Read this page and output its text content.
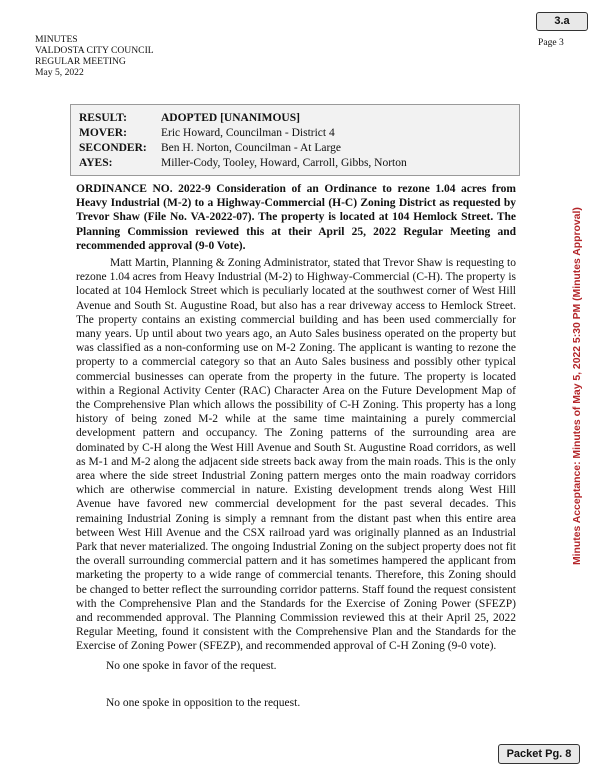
3.a
MINUTES
VALDOSTA CITY COUNCIL
REGULAR MEETING
May 5, 2022
Page 3
RESULT:	ADOPTED [UNANIMOUS]
MOVER:	Eric Howard, Councilman - District 4
SECONDER: Ben H. Norton, Councilman - At Large
AYES:	Miller-Cody, Tooley, Howard, Carroll, Gibbs, Norton
ORDINANCE NO. 2022-9 Consideration of an Ordinance to rezone 1.04 acres from Heavy Industrial (M-2) to a Highway-Commercial (H-C) Zoning District as requested by Trevor Shaw (File No. VA-2022-07). The property is located at 104 Hemlock Street. The Planning Commission reviewed this at their April 25, 2022 Regular Meeting and recommended approval (9-0 Vote).
Matt Martin, Planning & Zoning Administrator, stated that Trevor Shaw is requesting to rezone 1.04 acres from Heavy Industrial (M-2) to Highway-Commercial (C-H). The property is located at 104 Hemlock Street which is peculiarly located at the southwest corner of West Hill Avenue and South St. Augustine Road, but also has a rear driveway access to Hemlock Street. The property contains an existing commercial building and has been used commercially for many years. Up until about two years ago, an Auto Sales business operated on the property but was classified as a non-conforming use on M-2 Zoning. The applicant is wanting to rezone the property to a commercial category so that an Auto Sales business and possibly other typical commercial businesses can operate from the property in the future. The property is located within a Regional Activity Center (RAC) Character Area on the Future Development Map of the Comprehensive Plan which allows the possibility of C-H Zoning. This property has a long history of being zoned M-2 while at the same time maintaining a purely commercial development pattern and occupancy. The Zoning patterns of the surrounding area are dominated by C-H along the West Hill Avenue and South St. Augustine Road corridors, as well as M-1 and M-2 along the adjacent side streets back away from the main roads. This is the only area where the side street Industrial Zoning pattern merges onto the main roadway corridors which are otherwise commercial in nature. Existing development trends along West Hill Avenue have favored new commercial development for the past several decades. This remaining Industrial Zoning is simply a remnant from the distant past when this entire area between West Hill Avenue and the CSX railroad yard was originally planned as an Industrial Park that never materialized. The ongoing Industrial Zoning on the subject property does not fit the overall surrounding commercial pattern and it has sometimes hampered the applicant from marketing the property to a wide range of commercial tenants. Therefore, this Zoning should be changed to better reflect the surrounding corridor patterns. Staff found the request consistent with the Comprehensive Plan and the Standards for the Exercise of Zoning Power (SFEZP) and recommended approval. The Planning Commission reviewed this at their April 25, 2022 Regular Meeting, found it consistent with the Comprehensive Plan and the Standards for the Exercise of Zoning Power (SFEZP), and recommended approval of C-H Zoning (9-0 vote).
No one spoke in favor of the request.
No one spoke in opposition to the request.
Minutes Acceptance: Minutes of May 5, 2022 5:30 PM (Minutes Approval)
Packet Pg. 8
